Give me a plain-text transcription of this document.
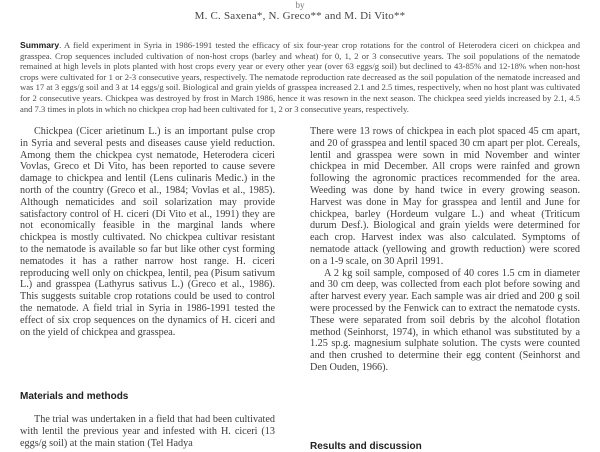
by
M. C. Saxena*, N. Greco** and M. Di Vito**
Summary. A field experiment in Syria in 1986-1991 tested the efficacy of six four-year crop rotations for the control of Heterodera ciceri on chickpea and grasspea. Crop sequences included cultivation of non-host crops (barley and wheat) for 0, 1, 2 or 3 consecutive years. The soil populations of the nematode remained at high levels in plots planted with host crops every year or every other year (over 63 eggs/g soil) but declined to 43-85% and 12-18% when non-host crops were cultivated for 1 or 2-3 consecutive years, respectively. The nematode reproduction rate decreased as the soil population of the nematode increased and was 17 at 3 eggs/g soil and 3 at 14 eggs/g soil. Biological and grain yields of grasspea increased 2.1 and 2.5 times, respectively, when no host plant was cultivated for 2 consecutive years. Chickpea was destroyed by frost in March 1986, hence it was resown in the next season. The chickpea seed yields increased by 2.1, 4.5 and 7.3 times in plots in which no chickpea crop had been cultivated for 1, 2 or 3 consecutive years, respectively.

Chickpea (Cicer arietinum L.) is an important pulse crop in Syria and several pests and diseases cause yield reduction. Among them the chickpea cyst nematode, Heterodera ciceri Vovlas, Greco et Di Vito, has been reported to cause severe damage to chickpea and lentil (Lens culinaris Medic.) in the north of the country (Greco et al., 1984; Vovlas et al., 1985). Although nematicides and soil solarization may provide satisfactory control of H. ciceri (Di Vito et al., 1991) they are not economically feasible in the marginal lands where chickpea is mostly cultivated. No chickpea cultivar resistant to the nematode is available so far but like other cyst forming nematodes it has a rather narrow host range. H. ciceri reproducing well only on chickpea, lentil, pea (Pisum sativum L.) and grasspea (Lathyrus sativus L.) (Greco et al., 1986). This suggests suitable crop rotations could be used to control the nematode. A field trial in Syria in 1986-1991 tested the effect of six crop sequences on the dynamics of H. ciceri and on the yield of chickpea and grasspea.

Materials and methods

The trial was undertaken in a field that had been cultivated with lentil the previous year and infested with H. ciceri (13 eggs/g soil) at the main station (Tel Hadya

There were 13 rows of chickpea in each plot spaced 45 cm apart, and 20 of grasspea and lentil spaced 30 cm apart per plot. Cereals, lentil and grasspea were sown in mid November and winter chickpea in mid December. All crops were rainfed and grown following the agronomic practices recommended for the area. Weeding was done by hand twice in every growing season. Harvest was done in May for grasspea and lentil and June for chickpea, barley (Hordeum vulgare L.) and wheat (Triticum durum Desf.). Biological and grain yields were determined for each crop. Harvest index was also calculated. Symptoms of nematode attack (yellowing and growth reduction) were scored on a 1-9 scale, on 30 April 1991.

A 2 kg soil sample, composed of 40 cores 1.5 cm in diameter and 30 cm deep, was collected from each plot before sowing and after harvest every year. Each sample was air dried and 200 g soil were processed by the Fenwick can to extract the nematode cysts. These were separated from soil debris by the alcohol flotation method (Seinhorst, 1974), in which ethanol was substituted by a 1.25 sp.g. magnesium sulphate solution. The cysts were counted and then crushed to determine their egg content (Seinhorst and Den Ouden, 1966).

Results and discussion
